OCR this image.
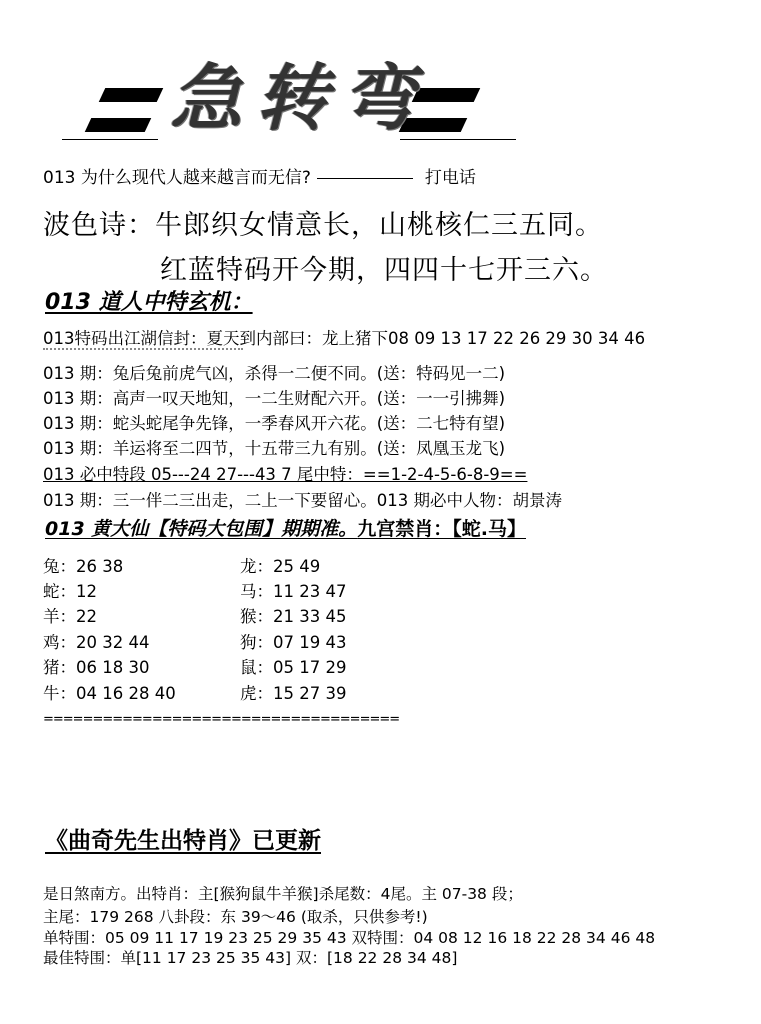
急转弯
013 为什么现代人越来越言而无信?	打电话
波色诗：牛郎织女情意长，山桃核仁三五同。
红蓝特码开今期，四四十七开三六。
013 道人中特玄机：
013特码出江湖信封：夏天到内部曰：龙上猪下08 09 13 17 22 26 29 30 34 46
013 期：兔后兔前虎气凶，杀得一二便不同。(送：特码见一二)
013 期：高声一叹天地知，一二生财配六开。(送：一一引拂舞)
013 期：蛇头蛇尾争先锋，一季春风开六花。(送：二七特有望)
013 期：羊运将至二四节，十五带三九有别。(送：凤凰玉龙飞)
013 必中特段 05---24 27---43 7 尾中特：==1-2-4-5-6-8-9==
013 期：三一伴二三出走，二上一下要留心。013 期必中人物：胡景涛
013 黄大仙【特码大包围】期期准。九宫禁肖：【蛇.马】
兔：26 38
蛇：12
羊：22
鸡：20 32 44
猪：06 18 30
牛：04 16 28 40
龙：25 49
马：11 23 47
猴：21 33 45
狗：07 19 43
鼠：05 17 29
虎：15 27 39
====================================
《曲奇先生出特肖》已更新
是日煞南方。出特肖：主[猴狗鼠牛羊猴]杀尾数：4尾。主 07-38 段；
主尾：179 268 八卦段：东 39～46 (取杀，只供参考!)
单特围：05 09 11 17 19 23 25 29 35 43 双特围：04 08 12 16 18 22 28 34 46 48
最佳特围：单[11 17 23 25 35 43] 双：[18 22 28 34 48]
